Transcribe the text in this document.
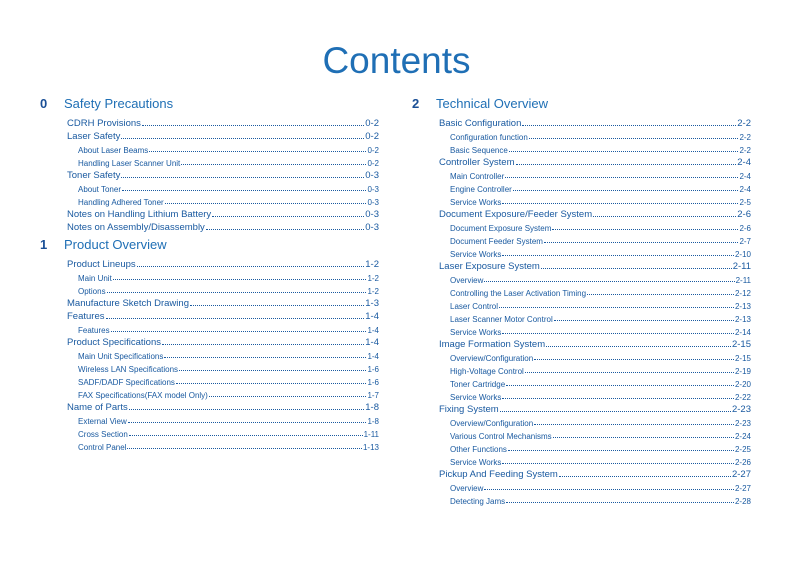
Contents
0	Safety Precautions
CDRH Provisions	0-2
Laser Safety	0-2
About Laser Beams	0-2
Handling Laser Scanner Unit	0-2
Toner Safety	0-3
About Toner	0-3
Handling Adhered Toner	0-3
Notes on Handling Lithium Battery	0-3
Notes on Assembly/Disassembly	0-3
1	Product Overview
Product Lineups	1-2
Main Unit	1-2
Options	1-2
Manufacture Sketch Drawing	1-3
Features	1-4
Features	1-4
Product Specifications	1-4
Main Unit Specifications	1-4
Wireless LAN Specifications	1-6
SADF/DADF Specifications	1-6
FAX Specifications(FAX model Only)	1-7
Name of Parts	1-8
External View	1-8
Cross Section	1-11
Control Panel	1-13
2	Technical Overview
Basic Configuration	2-2
Configuration function	2-2
Basic Sequence	2-2
Controller System	2-4
Main Controller	2-4
Engine Controller	2-4
Service Works	2-5
Document Exposure/Feeder System	2-6
Document Exposure System	2-6
Document Feeder System	2-7
Service Works	2-10
Laser Exposure System	2-11
Overview	2-11
Controlling the Laser Activation Timing	2-12
Laser Control	2-13
Laser Scanner Motor Control	2-13
Service Works	2-14
Image Formation System	2-15
Overview/Configuration	2-15
High-Voltage Control	2-19
Toner Cartridge	2-20
Service Works	2-22
Fixing System	2-23
Overview/Configuration	2-23
Various Control Mechanisms	2-24
Other Functions	2-25
Service Works	2-26
Pickup And Feeding System	2-27
Overview	2-27
Detecting Jams	2-28
